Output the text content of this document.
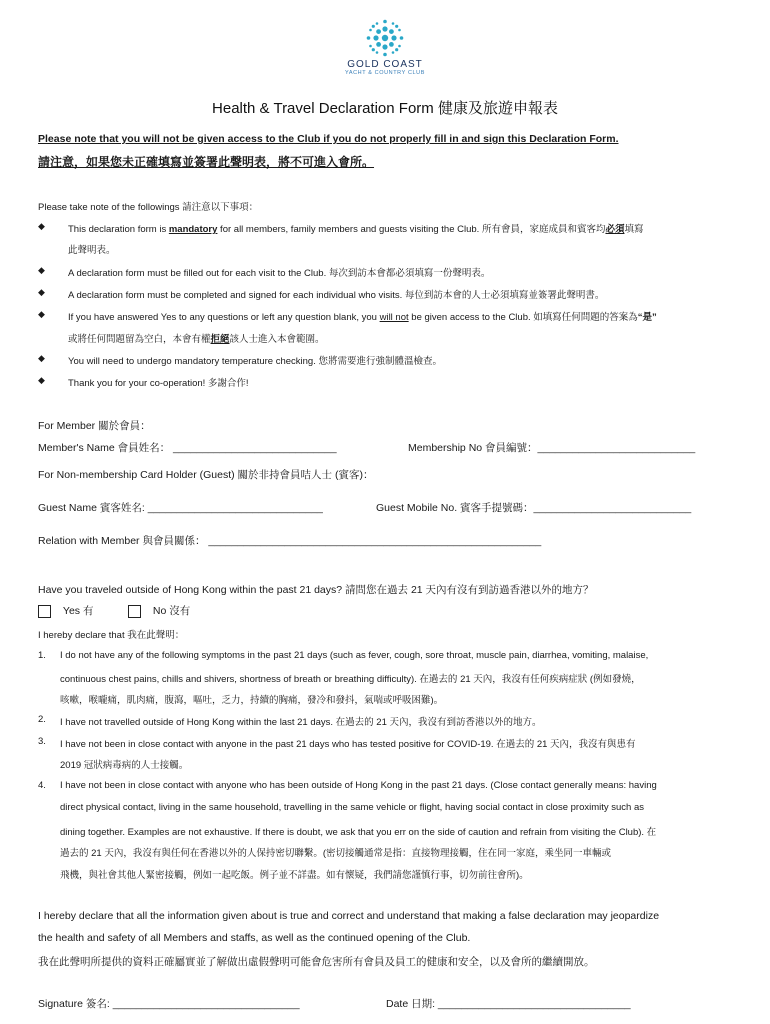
GOLD COAST
YACHT & COUNTRY CLUB
Health & Travel Declaration Form 健康及旅遊申報表
Please note that you will not be given access to the Club if you do not properly fill in and sign this Declaration Form.
請注意，如果您未正確填寫並簽署此聲明表，將不可進入會所。
Please take note of the followings 請注意以下事項：
◆ This declaration form is mandatory for all members, family members and guests visiting the Club. 所有會員，家庭成員和賓客均必須填寫
此聲明表。
◆ A declaration form must be filled out for each visit to the Club. 每次到訪本會都必須填寫一份聲明表。
◆ A declaration form must be completed and signed for each individual who visits. 每位到訪本會的人士必須填寫並簽署此聲明書。
◆ If you have answered Yes to any questions or left any question blank, you will not be given access to the Club. 如填寫任何問題的答案為“是”
或將任何問題留為空白，本會有權拒絕該人士進入本會範圍。
◆ You will need to undergo mandatory temperature checking. 您將需要進行強制體溫檢查。
◆ Thank you for your co-operation! 多謝合作!
For Member 關於會員：
Member's Name 會員姓名： ____________________________	Membership No 會員編號：___________________________
For Non-membership Card Holder (Guest) 關於非持會員咭人士 (賓客)：
Guest Name 賓客姓名: ______________________________	Guest Mobile No. 賓客手提號碼：___________________________
Relation with Member 與會員關係： _________________________________________________________
Have you traveled outside of Hong Kong within the past 21 days? 請問您在過去 21 天內有沒有到訪過香港以外的地方？
Yes 有	No 沒有
I hereby declare that 我在此聲明：
1. I do not have any of the following symptoms in the past 21 days (such as fever, cough, sore throat, muscle pain, diarrhea, vomiting, malaise,
continuous chest pains, chills and shivers, shortness of breath or breathing difficulty). 在過去的 21 天內，我沒有任何疾病症狀 (例如發燒，
咳嗽，喉嚨痛，肌肉痛，腹瀉，嘔吐，乏力，持續的胸痛，發冷和發抖，氣喘或呼吸困難)。
2. I have not travelled outside of Hong Kong within the last 21 days. 在過去的 21 天內，我沒有到訪香港以外的地方。
3. I have not been in close contact with anyone in the past 21 days who has tested positive for COVID-19. 在過去的 21 天內，我沒有與患有
2019 冠狀病毒病的人士接觸。
4. I have not been in close contact with anyone who has been outside of Hong Kong in the past 21 days. (Close contact generally means: having
direct physical contact, living in the same household, travelling in the same vehicle or flight, having social contact in close proximity such as
dining together. Examples are not exhaustive. If there is doubt, we ask that you err on the side of caution and refrain from visiting the Club). 在
過去的 21 天內，我沒有與任何在香港以外的人保持密切聯繫。(密切接觸通常是指：直接物理接觸，住在同一家庭，乘坐同一車輛或
飛機，與社會其他人緊密接觸，例如一起吃飯。例子並不詳盡。如有懷疑，我們請您謹慎行事，切勿前往會所)。
I hereby declare that all the information given about is true and correct and understand that making a false declaration may jeopardize
the health and safety of all Members and staffs, as well as the continued opening of the Club.
我在此聲明所提供的資料正確屬實並了解做出虛假聲明可能會危害所有會員及員工的健康和安全，以及會所的繼續開放。
Signature 簽名: ________________________________	Date 日期: _________________________________
